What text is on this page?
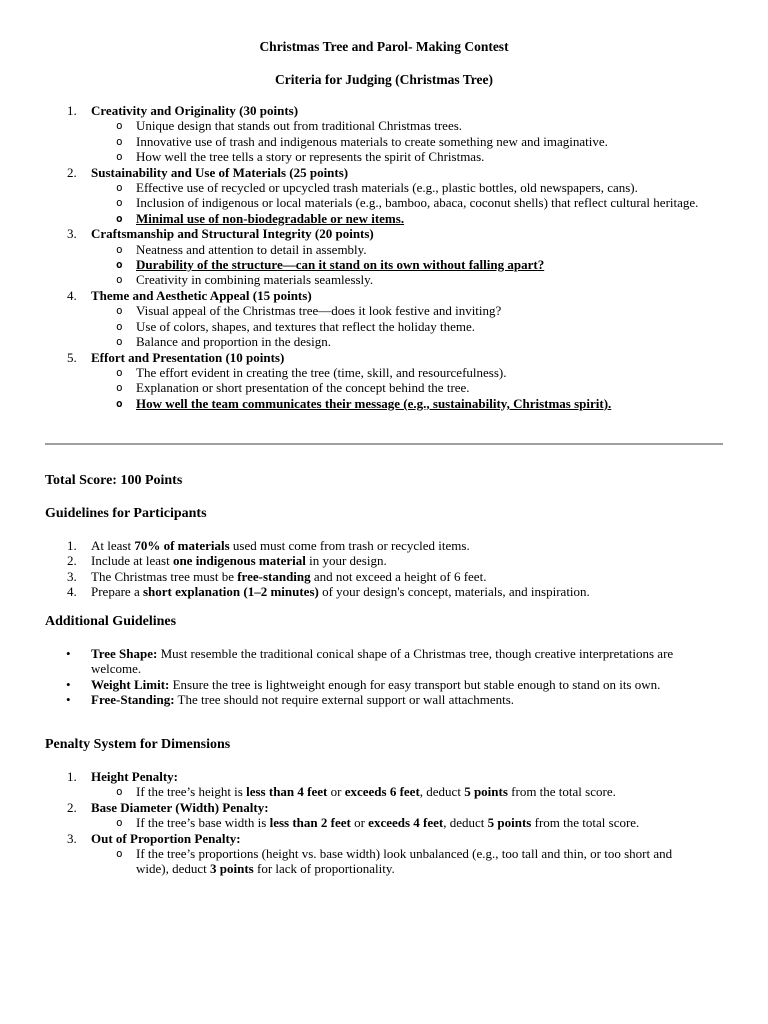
Christmas Tree and Parol- Making Contest
Criteria for Judging (Christmas Tree)
1.	Creativity and Originality (30 points)
o Unique design that stands out from traditional Christmas trees.
o Innovative use of trash and indigenous materials to create something new and imaginative.
o How well the tree tells a story or represents the spirit of Christmas.
2.	Sustainability and Use of Materials (25 points)
o Effective use of recycled or upcycled trash materials (e.g., plastic bottles, old newspapers, cans).
o Inclusion of indigenous or local materials (e.g., bamboo, abaca, coconut shells) that reflect cultural heritage.
o Minimal use of non-biodegradable or new items.
3.	Craftsmanship and Structural Integrity (20 points)
o Neatness and attention to detail in assembly.
o Durability of the structure—can it stand on its own without falling apart?
o Creativity in combining materials seamlessly.
4.	Theme and Aesthetic Appeal (15 points)
o Visual appeal of the Christmas tree—does it look festive and inviting?
o Use of colors, shapes, and textures that reflect the holiday theme.
o Balance and proportion in the design.
5.	Effort and Presentation (10 points)
o The effort evident in creating the tree (time, skill, and resourcefulness).
o Explanation or short presentation of the concept behind the tree.
o How well the team communicates their message (e.g., sustainability, Christmas spirit).
Total Score: 100 Points
Guidelines for Participants
1.	At least 70% of materials used must come from trash or recycled items.
2.	Include at least one indigenous material in your design.
3.	The Christmas tree must be free-standing and not exceed a height of 6 feet.
4.	Prepare a short explanation (1–2 minutes) of your design's concept, materials, and inspiration.
Additional Guidelines
• Tree Shape: Must resemble the traditional conical shape of a Christmas tree, though creative interpretations are welcome.
• Weight Limit: Ensure the tree is lightweight enough for easy transport but stable enough to stand on its own.
• Free-Standing: The tree should not require external support or wall attachments.
Penalty System for Dimensions
1.	Height Penalty:
o If the tree’s height is less than 4 feet or exceeds 6 feet, deduct 5 points from the total score.
2.	Base Diameter (Width) Penalty:
o If the tree’s base width is less than 2 feet or exceeds 4 feet, deduct 5 points from the total score.
3.	Out of Proportion Penalty:
o If the tree’s proportions (height vs. base width) look unbalanced (e.g., too tall and thin, or too short and wide), deduct 3 points for lack of proportionality.
